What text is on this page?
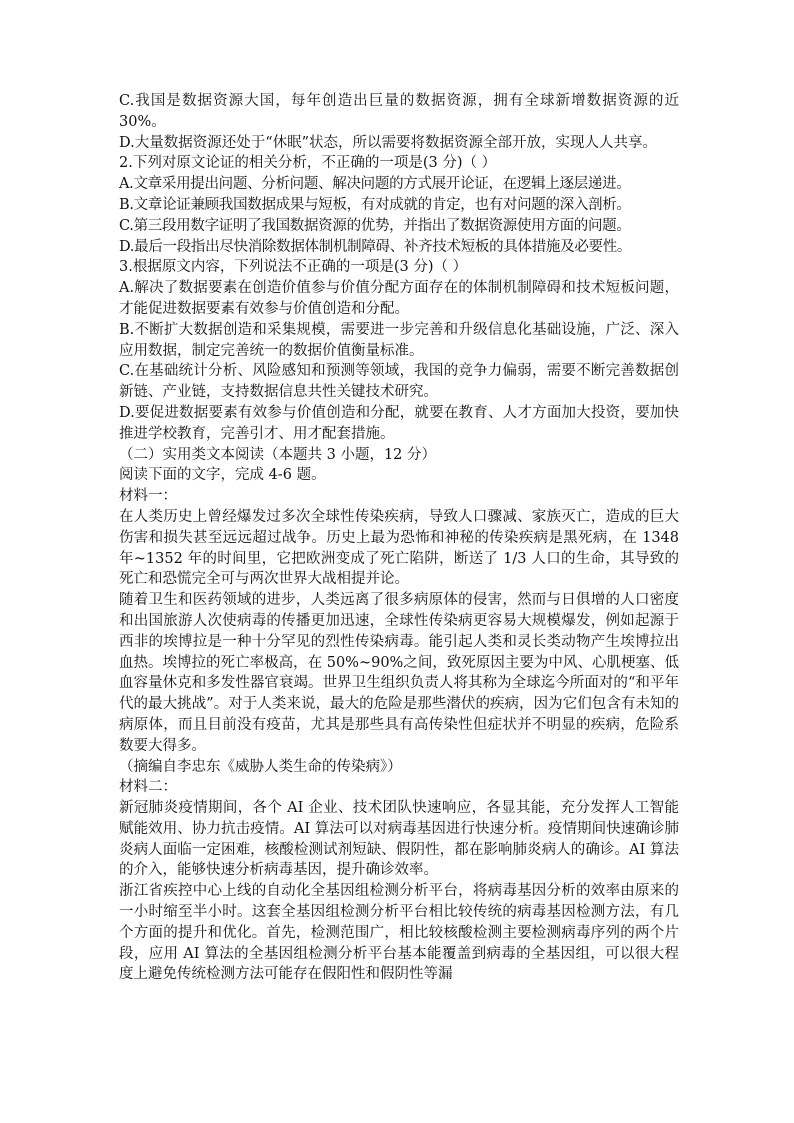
C.我国是数据资源大国，每年创造出巨量的数据资源，拥有全球新增数据资源的近 30%。

D.大量数据资源还处于“休眠”状态，所以需要将数据资源全部开放，实现人人共享。

2.下列对原文论证的相关分析，不正确的一项是(3 分)（ ）

A.文章采用提出问题、分析问题、解决问题的方式展开论证，在逻辑上逐层递进。

B.文章论证兼顾我国数据成果与短板，有对成就的肯定，也有对问题的深入剖析。

C.第三段用数字证明了我国数据资源的优势，并指出了数据资源使用方面的问题。

D.最后一段指出尽快消除数据体制机制障碍、补齐技术短板的具体措施及必要性。

3.根据原文内容，下列说法不正确的一项是(3 分)（ ）

A.解决了数据要素在创造价值参与价值分配方面存在的体制机制障碍和技术短板问题，才能促进数据要素有效参与价值创造和分配。

B.不断扩大数据创造和采集规模，需要进一步完善和升级信息化基础设施，广泛、深入应用数据，制定完善统一的数据价值衡量标准。

C.在基础统计分析、风险感知和预测等领域，我国的竞争力偏弱，需要不断完善数据创新链、产业链，支持数据信息共性关键技术研究。

D.要促进数据要素有效参与价值创造和分配，就要在教育、人才方面加大投资，要加快推进学校教育，完善引才、用才配套措施。

（二）实用类文本阅读（本题共 3 小题，12 分）

阅读下面的文字，完成 4-6 题。

材料一：

在人类历史上曾经爆发过多次全球性传染疾病，导致人口骤减、家族灭亡，造成的巨大伤害和损失甚至远远超过战争。历史上最为恐怖和神秘的传染疾病是黑死病，在 1348 年~1352 年的时间里，它把欧洲变成了死亡陷阱，断送了 1/3 人口的生命，其导致的死亡和恐慌完全可与两次世界大战相提并论。

随着卫生和医药领域的进步，人类远离了很多病原体的侵害，然而与日俱增的人口密度和出国旅游人次使病毒的传播更加迅速，全球性传染病更容易大规模爆发，例如起源于西非的埃博拉是一种十分罕见的烈性传染病毒。能引起人类和灵长类动物产生埃博拉出血热。埃博拉的死亡率极高，在 50%~90%之间，致死原因主要为中风、心肌梗塞、低血容量休克和多发性器官衰竭。世界卫生组织负责人将其称为全球迄今所面对的“和平年代的最大挑战”。对于人类来说，最大的危险是那些潜伏的疾病，因为它们包含有未知的病原体，而且目前没有疫苗，尤其是那些具有高传染性但症状并不明显的疾病，危险系数要大得多。

（摘编自李忠东《威胁人类生命的传染病》）

材料二：

新冠肺炎疫情期间，各个 AI 企业、技术团队快速响应，各显其能，充分发挥人工智能赋能效用、协力抗击疫情。AI 算法可以对病毒基因进行快速分析。疫情期间快速确诊肺炎病人面临一定困难，核酸检测试剂短缺、假阴性，都在影响肺炎病人的确诊。AI 算法的介入，能够快速分析病毒基因，提升确诊效率。

浙江省疾控中心上线的自动化全基因组检测分析平台，将病毒基因分析的效率由原来的一小时缩至半小时。这套全基因组检测分析平台相比较传统的病毒基因检测方法，有几个方面的提升和优化。首先，检测范围广，相比较核酸检测主要检测病毒序列的两个片段，应用 AI 算法的全基因组检测分析平台基本能覆盖到病毒的全基因组，可以很大程度上避免传统检测方法可能存在假阳性和假阴性等漏
